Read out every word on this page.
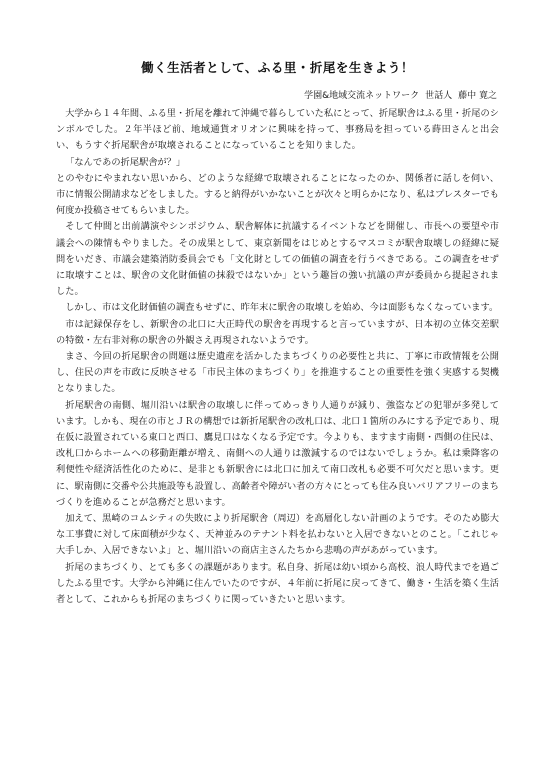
働く生活者として、ふる里・折尾を生きよう！

学園&地域交流ネットワーク 世話人 藤中 寛之

大学から１４年間、ふる里・折尾を離れて沖縄で暮らしていた私にとって、折尾駅舎はふる里・折尾のシンボルでした。２年半ほど前、地域通貨オリオンに興味を持って、事務局を担っている蒔田さんと出会い、もうすぐ折尾駅舎が取壊されることになっていることを知りました。

「なんであの折尾駅舎が？」

とのやむにやまれない思いから、どのような経緯で取壊されることになったのか、関係者に話しを伺い、市に情報公開請求などをしました。すると納得がいかないことが次々と明らかになり、私はプレスターでも何度か投稿させてもらいました。

そして仲間と出前講演やシンポジウム、駅舎解体に抗議するイベントなどを開催し、市長への要望や市議会への陳情もやりました。その成果として、東京新聞をはじめとするマスコミが駅舎取壊しの経緯に疑問をいだき、市議会建築消防委員会でも「文化財としての価値の調査を行うべきである。この調査をせずに取壊すことは、駅舎の文化財価値の抹殺ではないか」という趣旨の強い抗議の声が委員から提起されました。

しかし、市は文化財価値の調査もせずに、昨年末に駅舎の取壊しを始め、今は面影もなくなっています。

市は記録保存をし、新駅舎の北口に大正時代の駅舎を再現すると言っていますが、日本初の立体交差駅の特徴・左右非対称の駅舎の外観さえ再現されないようです。

まさ、今回の折尾駅舎の問題は歴史遺産を活かしたまちづくりの必要性と共に、丁寧に市政情報を公開し、住民の声を市政に反映させる「市民主体のまちづくり」を推進することの重要性を強く実感する契機となりました。

折尾駅舎の南側、堀川沿いは駅舎の取壊しに伴ってめっきり人通りが減り、強盗などの犯罪が多発しています。しかも、現在の市とＪＲの構想では新折尾駅舎の改札口は、北口１箇所のみにする予定であり、現在仮に設置されている東口と西口、鷹見口はなくなる予定です。今よりも、ますます南側・西側の住民は、改札口からホームへの移動距離が増え、南側への人通りは激減するのではないでしょうか。私は乗降客の利便性や経済活性化のために、是非とも新駅舎には北口に加えて南口改札も必要不可欠だと思います。更に、駅南側に交番や公共施設等も設置し、高齢者や障がい者の方々にとっても住み良いバリアフリーのまちづくりを進めることが急務だと思います。

加えて、黒崎のコムシティの失敗により折尾駅舎（周辺）を高層化しない計画のようです。そのため膨大な工事費に対して床面積が少なく、天神並みのテナント料を払わないと入居できないとのこと。「これじゃ大手しか、入居できないよ」と、堀川沿いの商店主さんたちから悲鳴の声があがっています。

折尾のまちづくり、とても多くの課題があります。私自身、折尾は幼い頃から高校、浪人時代までを過ごしたふる里です。大学から沖縄に住んでいたのですが、４年前に折尾に戻ってきて、働き・生活を築く生活者として、これからも折尾のまちづくりに関っていきたいと思います。
